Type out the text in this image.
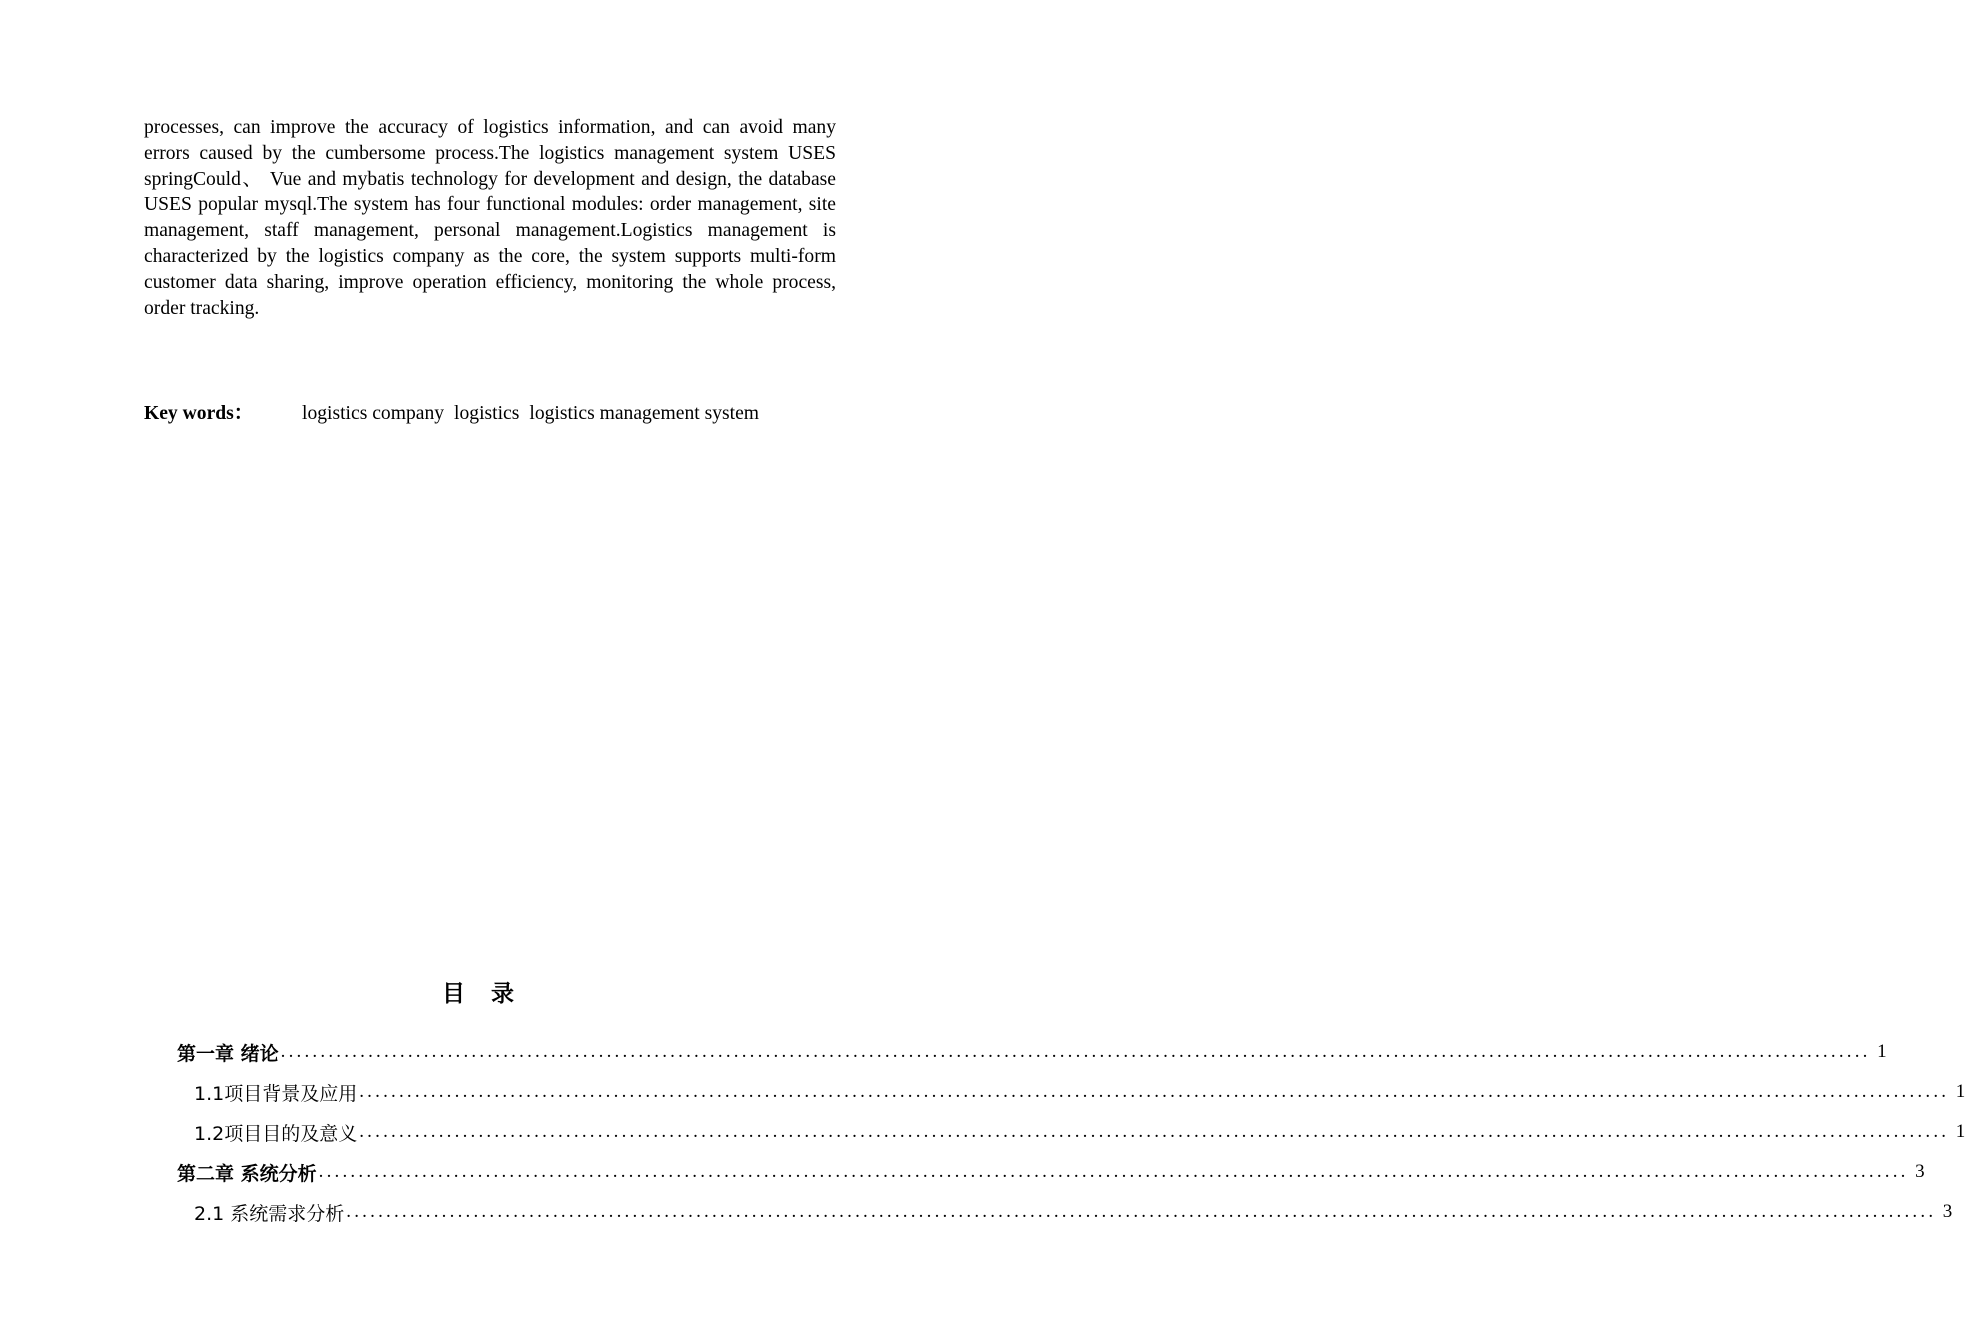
processes, can improve the accuracy of logistics information, and can avoid many errors caused by the cumbersome process.The logistics management system USES springCould、 Vue and mybatis technology for development and design, the database USES popular mysql.The system has four functional modules: order management, site management, staff management, personal management.Logistics management is characterized by the logistics company as the core, the system supports multi-form customer data sharing, improve operation efficiency, monitoring the whole process, order tracking.

Key words： logistics company logistics logistics management system
目录
第一章 绪论 ........................................................................................................................................................................................................ 1
1.1项目背景及应用 ........................................................................................................................................................................................................ 1
1.2项目目的及意义 ........................................................................................................................................................................................................ 1
第二章 系统分析 ........................................................................................................................................................................................................ 3
2.1 系统需求分析 ........................................................................................................................................................................................................ 3
